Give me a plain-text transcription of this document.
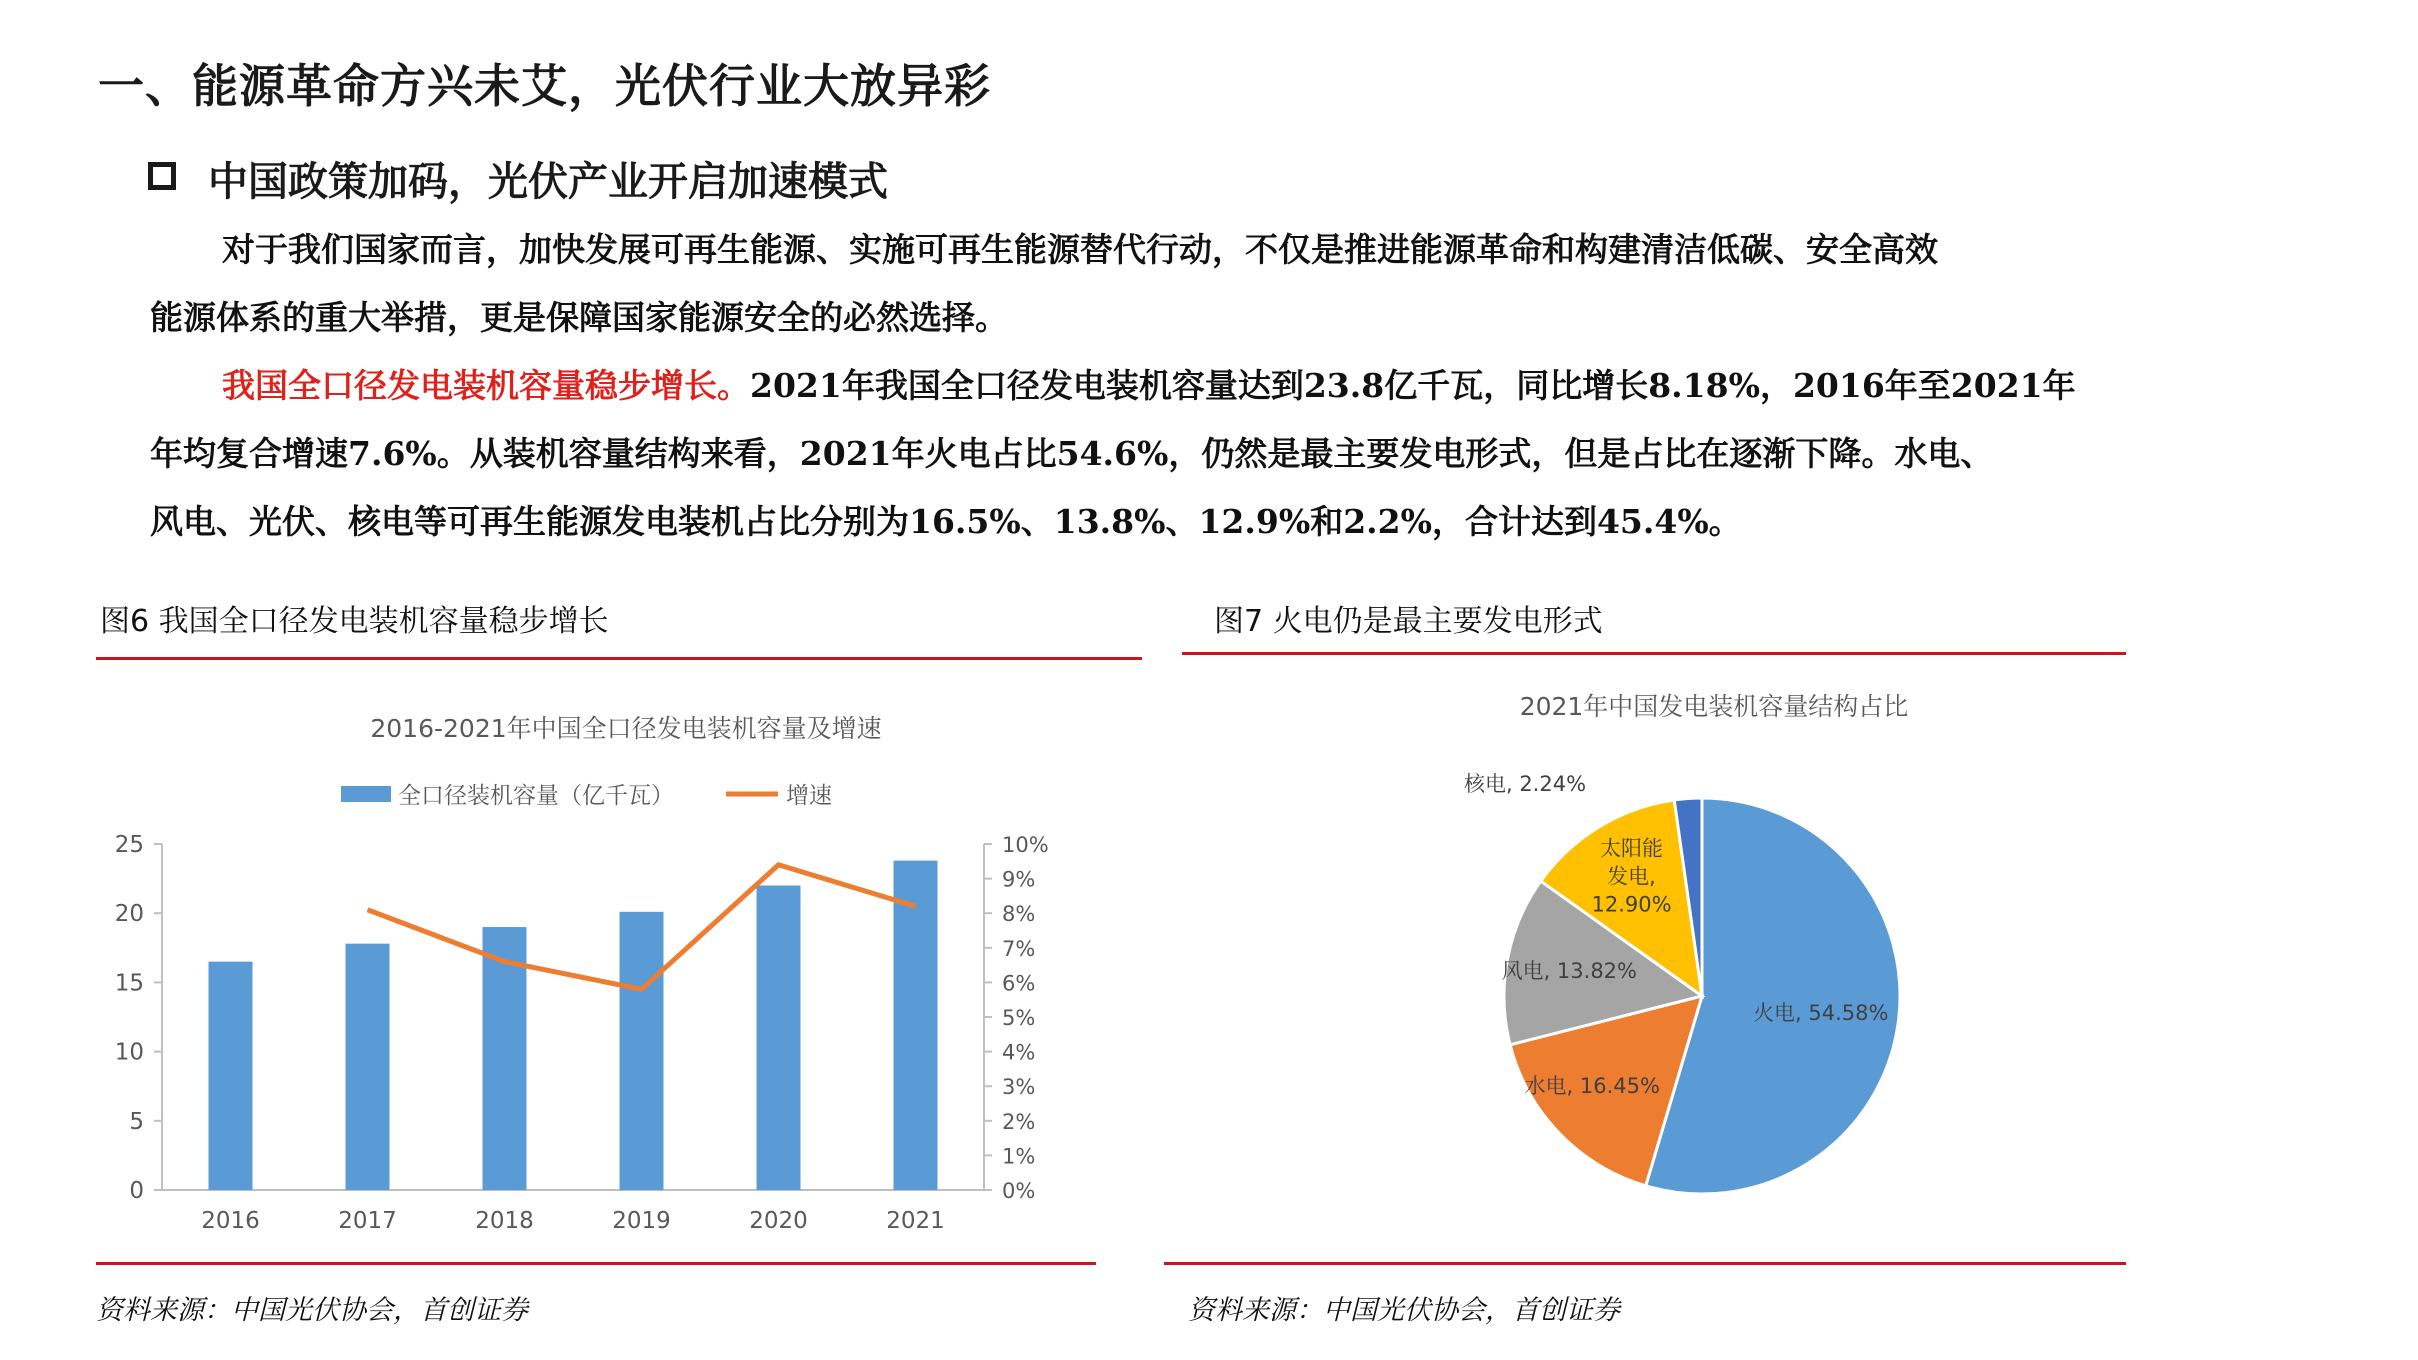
一、能源革命方兴未艾，光伏行业大放异彩
中国政策加码，光伏产业开启加速模式
对于我们国家而言，加快发展可再生能源、实施可再生能源替代行动，不仅是推进能源革命和构建清洁低碳、安全高效
能源体系的重大举措，更是保障国家能源安全的必然选择。
我国全口径发电装机容量稳步增长。2021年我国全口径发电装机容量达到23.8亿千瓦，同比增长8.18%，2016年至2021年
年均复合增速7.6%。从装机容量结构来看，2021年火电占比54.6%，仍然是最主要发电形式，但是占比在逐渐下降。水电、
风电、光伏、核电等可再生能源发电装机占比分别为16.5%、13.8%、12.9%和2.2%，合计达到45.4%。
图6 我国全口径发电装机容量稳步增长	图7 火电仍是最主要发电形式
2016-2021年中国全口径发电装机容量及增速
全口径装机容量（亿千瓦）	增速
0
5
10
15
20
25
0%
1%
2%
3%
4%
5%
6%
7%
8%
9%
10%
2016	2017	2018	2019	2020	2021
资料来源：中国光伏协会，首创证券
2021年中国发电装机容量结构占比
火电, 54.58%
水电, 16.45%
风电, 13.82%
太阳能
发电,
12.90%
核电, 2.24%
资料来源：中国光伏协会，首创证券
